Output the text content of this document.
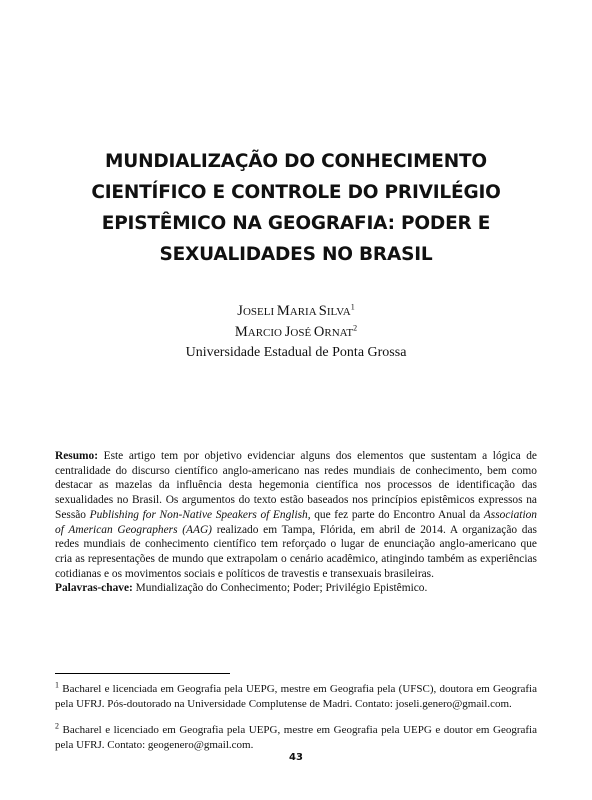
MUNDIALIZAÇÃO DO CONHECIMENTO
CIENTÍFICO E CONTROLE DO PRIVILÉGIO
EPISTÊMICO NA GEOGRAFIA: PODER E
SEXUALIDADES NO BRASIL
JOSELI MARIA SILVA$^1$
MARCIO JOSÉ ORNAT$^2$
Universidade Estadual de Ponta Grossa

Resumo: Este artigo tem por objetivo evidenciar alguns dos elementos que sustentam a lógica de centralidade do discurso científico anglo-americano nas redes mundiais de conhecimento, bem como destacar as mazelas da influência desta hegemonia científica nos processos de identificação das sexualidades no Brasil. Os argumentos do texto estão baseados nos princípios epistêmicos expressos na Sessão Publishing for Non-Native Speakers of English, que fez parte do Encontro Anual da Association of American Geographers (AAG) realizado em Tampa, Flórida, em abril de 2014. A organização das redes mundiais de conhecimento científico tem reforçado o lugar de enunciação anglo-americano que cria as representações de mundo que extrapolam o cenário acadêmico, atingindo também as experiências cotidianas e os movimentos sociais e políticos de travestis e transexuais brasileiras.

Palavras-chave: Mundialização do Conhecimento; Poder; Privilégio Epistêmico.

$^1$ Bacharel e licenciada em Geografia pela UEPG, mestre em Geografia pela (UFSC), doutora em Geografia pela UFRJ. Pós-doutorado na Universidade Complutense de Madri. Contato: joseli.genero@gmail.com.
$^2$ Bacharel e licenciado em Geografia pela UEPG, mestre em Geografia pela UEPG e doutor em Geografia pela UFRJ. Contato: geogenero@gmail.com.
43
